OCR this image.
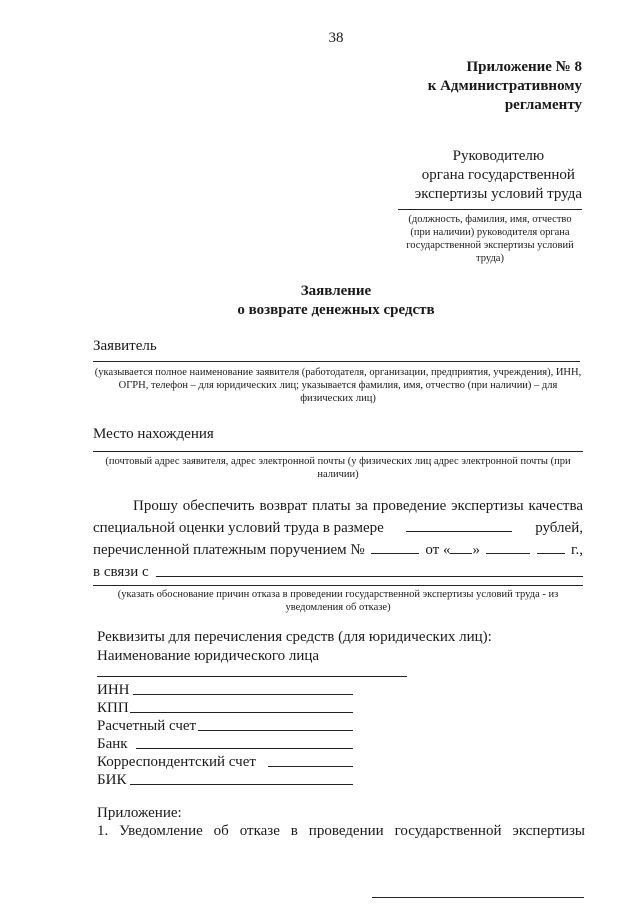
38
Приложение № 8
к Административному
регламенту
Руководителю
органа государственной
экспертизы условий труда
(должность, фамилия, имя, отчество (при наличии) руководителя органа государственной экспертизы условий труда)
Заявление
о возврате денежных средств
Заявитель
(указывается полное наименование заявителя (работодателя, организации, предприятия, учреждения), ИНН, ОГРН, телефон – для юридических лиц; указывается фамилия, имя, отчество (при наличии) – для физических лиц)
Место нахождения
(почтовый адрес заявителя, адрес электронной почты (у физических лиц адрес электронной почты (при наличии)
Прошу обеспечить возврат платы за проведение экспертизы качества
специальной оценки условий труда в размере	рублей,
перечисленной платежным поручением №	от « »	г.,
в связи с
(указать обоснование причин отказа в проведении государственной экспертизы условий труда - из уведомления об отказе)
Реквизиты для перечисления средств (для юридических лиц):
Наименование юридического лица
ИНН
КПП
Расчетный счет
Банк
Корреспондентский счет
БИК
Приложение:
1. Уведомление об отказе в проведении государственной экспертизы
